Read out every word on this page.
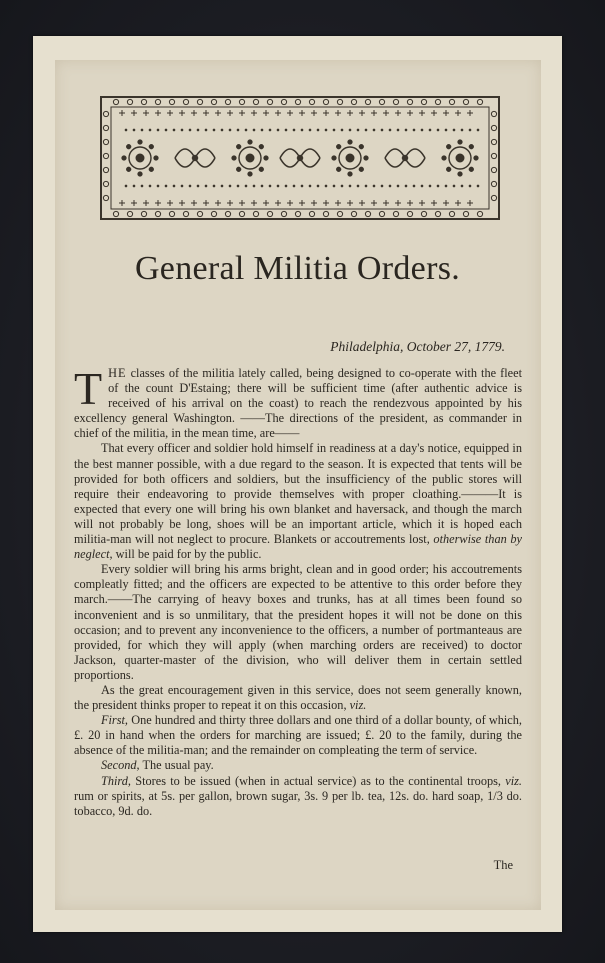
General Militia Orders.
Philadelphia, October 27, 1779.

THE classes of the militia lately called, being designed to co-operate with the fleet of the count D'Estaing; there will be sufficient time (after authentic advice is received of his arrival on the coast) to reach the rendezvous appointed by his excellency general Washington. ——The directions of the president, as commander in chief of the militia, in the mean time, are——

That every officer and soldier hold himself in readiness at a day's notice, equipped in the best manner possible, with a due regard to the season. It is expected that tents will be provided for both officers and soldiers, but the insufficiency of the public stores will require their endeavoring to provide themselves with proper cloathing.———It is expected that every one will bring his own blanket and haversack, and though the march will not probably be long, shoes will be an important article, which it is hoped each militia-man will not neglect to procure. Blankets or accoutrements lost, otherwise than by neglect, will be paid for by the public.

Every soldier will bring his arms bright, clean and in good order; his accoutrements compleatly fitted; and the officers are expected to be attentive to this order before they march.——The carrying of heavy boxes and trunks, has at all times been found so inconvenient and is so unmilitary, that the president hopes it will not be done on this occasion; and to prevent any inconvenience to the officers, a number of portmanteaus are provided, for which they will apply (when marching orders are received) to doctor Jackson, quarter-master of the division, who will deliver them in certain settled proportions.

As the great encouragement given in this service, does not seem generally known, the president thinks proper to repeat it on this occasion, viz.

First, One hundred and thirty three dollars and one third of a dollar bounty, of which, £. 20 in hand when the orders for marching are issued; £. 20 to the family, during the absence of the militia-man; and the remainder on compleating the term of service.

Second, The usual pay.

Third, Stores to be issued (when in actual service) as to the continental troops, viz. rum or spirits, at 5s. per gallon, brown sugar, 3s. 9 per lb. tea, 12s. do. hard soap, 1/3 do. tobacco, 9d. do.

The
